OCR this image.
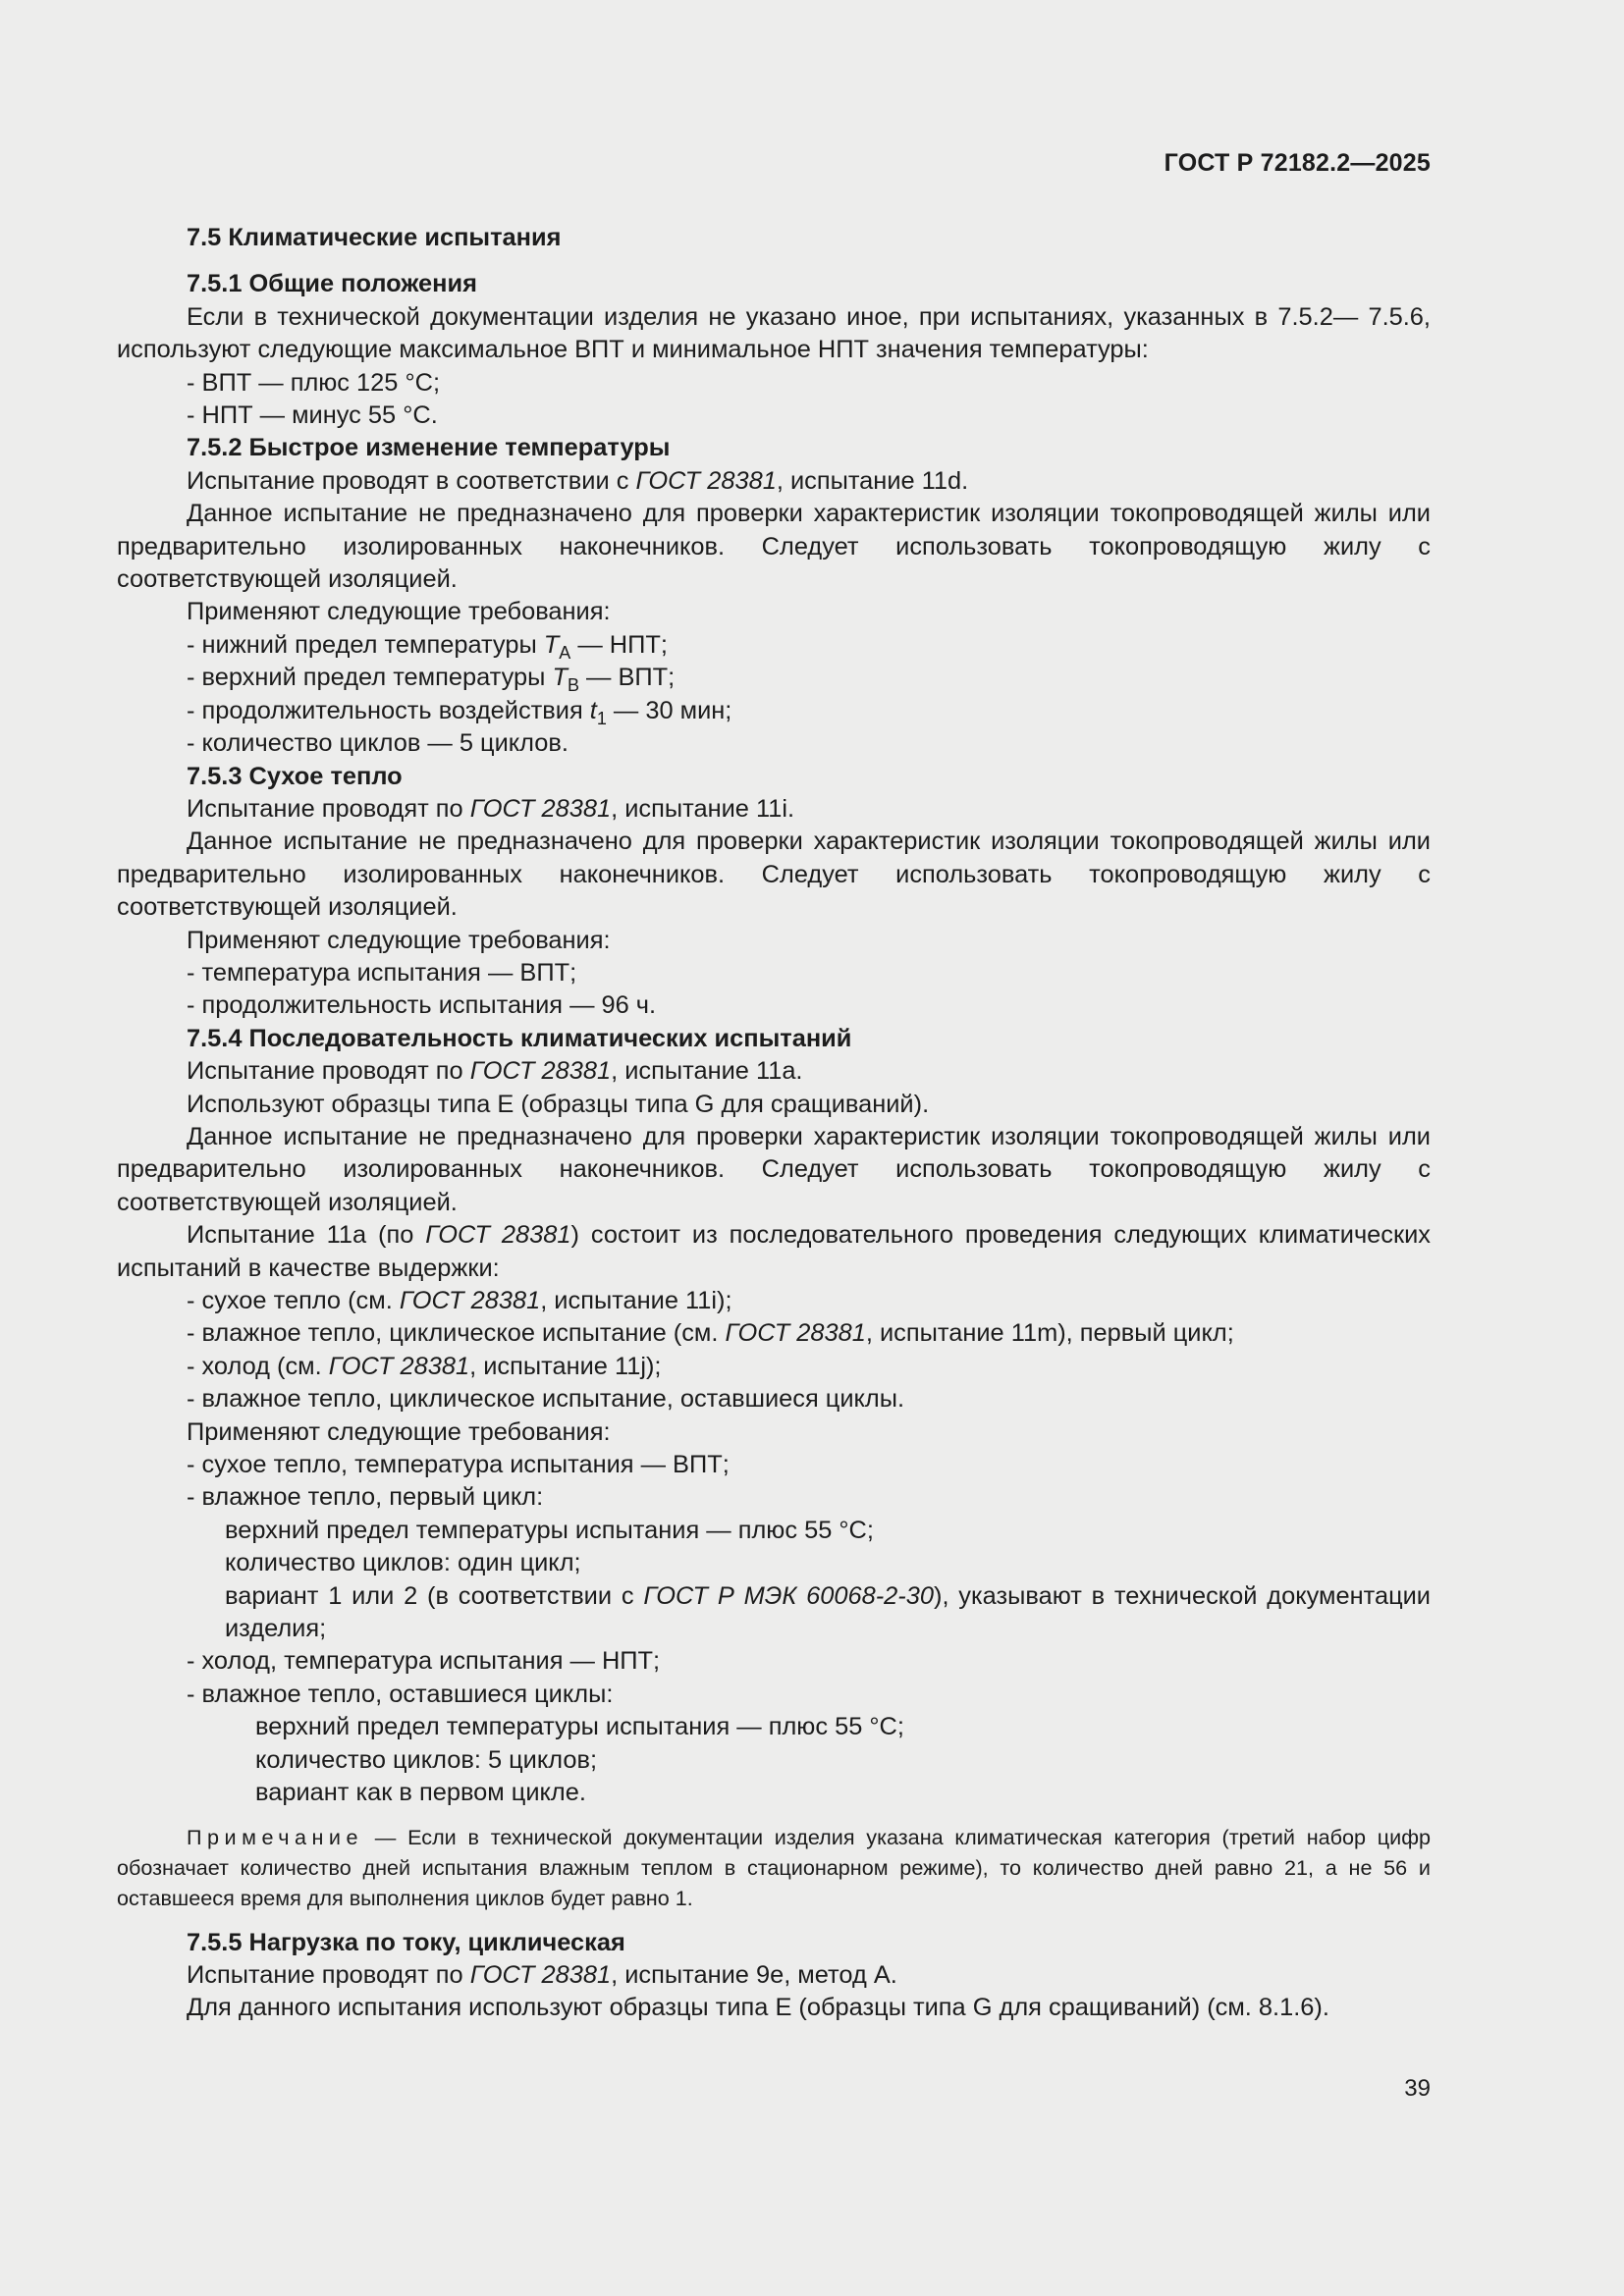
ГОСТ Р 72182.2—2025
7.5 Климатические испытания
7.5.1 Общие положения
Если в технической документации изделия не указано иное, при испытаниях, указанных в 7.5.2— 7.5.6, используют следующие максимальное ВПТ и минимальное НПТ значения температуры:
- ВПТ — плюс 125 °C;
- НПТ — минус 55 °C.
7.5.2 Быстрое изменение температуры
Испытание проводят в соответствии с ГОСТ 28381, испытание 11d.
Данное испытание не предназначено для проверки характеристик изоляции токопроводящей жилы или предварительно изолированных наконечников. Следует использовать токопроводящую жилу с соответствующей изоляцией.
Применяют следующие требования:
- нижний предел температуры $T_A$ — НПТ;
- верхний предел температуры $T_B$ — ВПТ;
- продолжительность воздействия $t_1$ — 30 мин;
- количество циклов — 5 циклов.
7.5.3 Сухое тепло
Испытание проводят по ГОСТ 28381, испытание 11i.
Данное испытание не предназначено для проверки характеристик изоляции токопроводящей жилы или предварительно изолированных наконечников. Следует использовать токопроводящую жилу с соответствующей изоляцией.
Применяют следующие требования:
- температура испытания — ВПТ;
- продолжительность испытания — 96 ч.
7.5.4 Последовательность климатических испытаний
Испытание проводят по ГОСТ 28381, испытание 11a.
Используют образцы типа Е (образцы типа G для сращиваний).
Данное испытание не предназначено для проверки характеристик изоляции токопроводящей жилы или предварительно изолированных наконечников. Следует использовать токопроводящую жилу с соответствующей изоляцией.
Испытание 11a (по ГОСТ 28381) состоит из последовательного проведения следующих климатических испытаний в качестве выдержки:
- сухое тепло (см. ГОСТ 28381, испытание 11i);
- влажное тепло, циклическое испытание (см. ГОСТ 28381, испытание 11m), первый цикл;
- холод (см. ГОСТ 28381, испытание 11j);
- влажное тепло, циклическое испытание, оставшиеся циклы.
Применяют следующие требования:
- сухое тепло, температура испытания — ВПТ;
- влажное тепло, первый цикл:
верхний предел температуры испытания — плюс 55 °C;
количество циклов: один цикл;
вариант 1 или 2 (в соответствии с ГОСТ Р МЭК 60068-2-30), указывают в технической документации изделия;
- холод, температура испытания — НПТ;
- влажное тепло, оставшиеся циклы:
верхний предел температуры испытания — плюс 55 °C;
количество циклов: 5 циклов;
вариант как в первом цикле.
Примечание — Если в технической документации изделия указана климатическая категория (третий набор цифр обозначает количество дней испытания влажным теплом в стационарном режиме), то количество дней равно 21, а не 56 и оставшееся время для выполнения циклов будет равно 1.
7.5.5 Нагрузка по току, циклическая
Испытание проводят по ГОСТ 28381, испытание 9е, метод А.
Для данного испытания используют образцы типа Е (образцы типа G для сращиваний) (см. 8.1.6).
39
